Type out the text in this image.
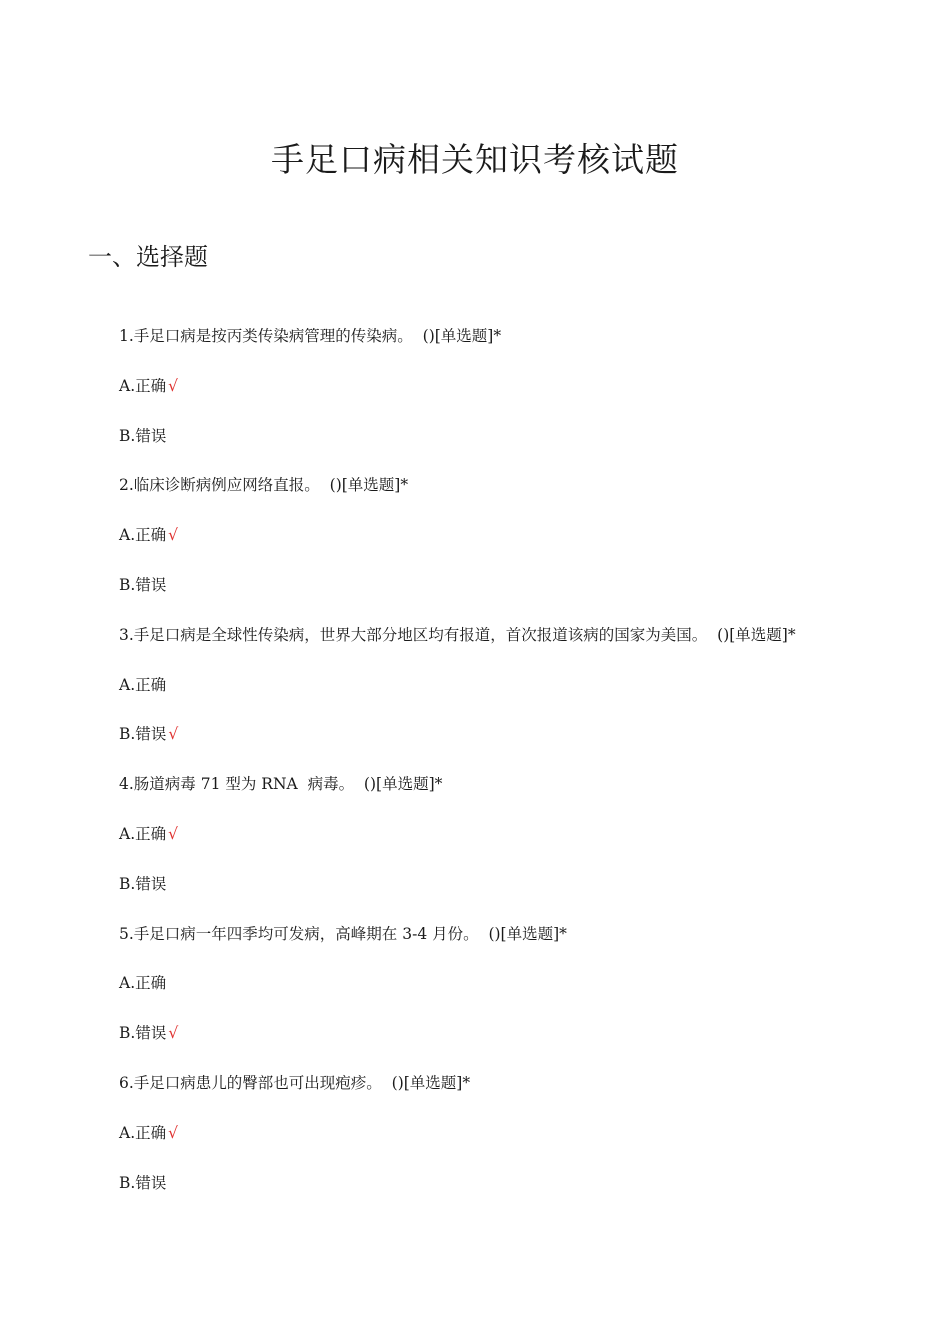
手足口病相关知识考核试题
一、选择题
1.手足口病是按丙类传染病管理的传染病。  ()[单选题]*
A.正确 √
B.错误
2.临床诊断病例应网络直报。  ()[单选题]*
A.正确 √
B.错误
3.手足口病是全球性传染病，世界大部分地区均有报道，首次报道该病的国家为美国。  ()[单选题]*
A.正确
B.错误 √
4.肠道病毒 71 型为 RNA  病毒。  ()[单选题]*
A.正确 √
B.错误
5.手足口病一年四季均可发病，高峰期在 3-4 月份。  ()[单选题]*
A.正确
B.错误 √
6.手足口病患儿的臀部也可出现疱疹。  ()[单选题]*
A.正确 √
B.错误
